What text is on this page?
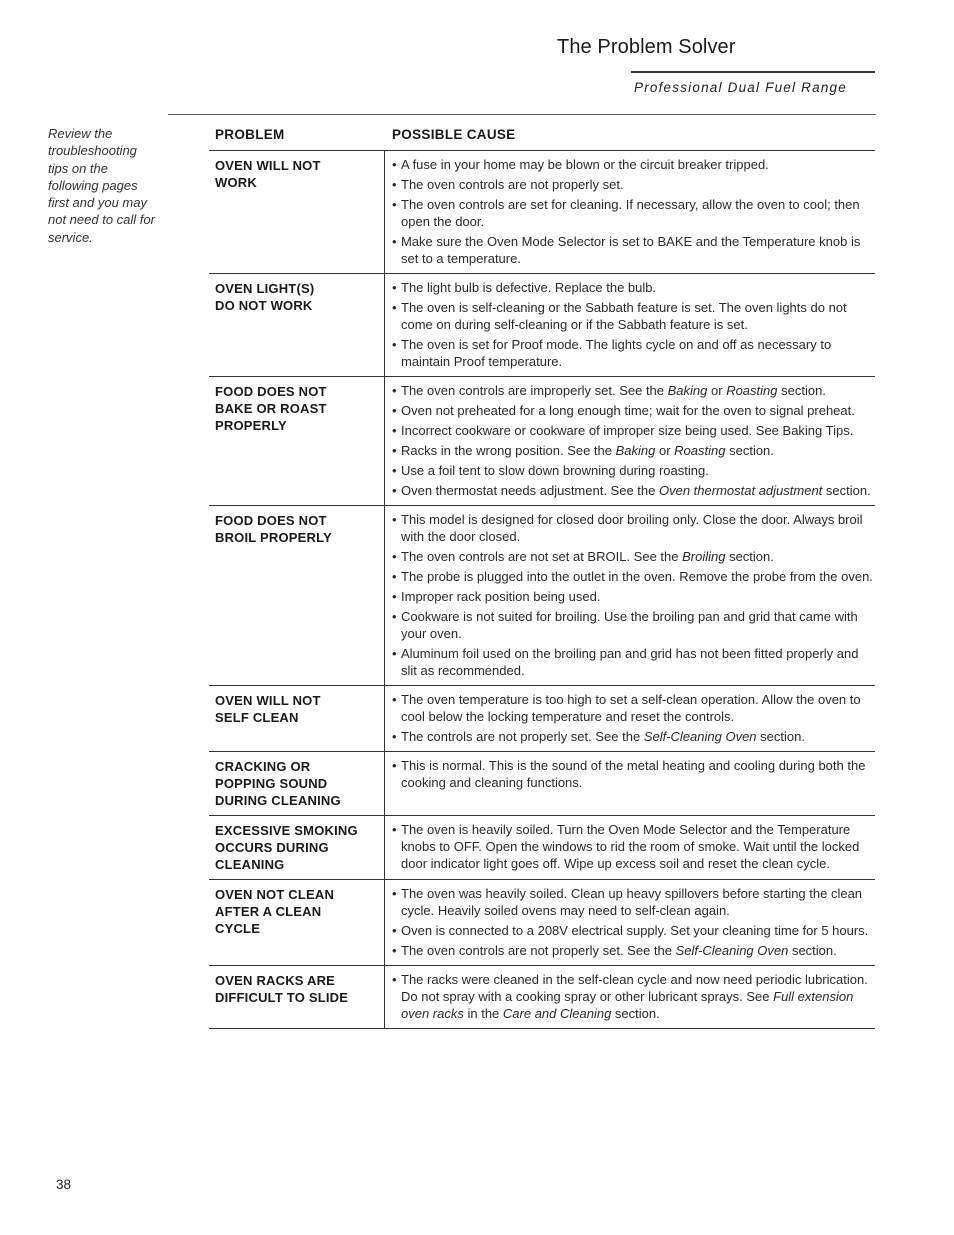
The Problem Solver
Professional Dual Fuel Range
Review the troubleshooting tips on the following pages first and you may not need to call for service.
PROBLEM	POSSIBLE CAUSE
OVEN WILL NOT
WORK
• A fuse in your home may be blown or the circuit breaker tripped.
• The oven controls are not properly set.
• The oven controls are set for cleaning. If necessary, allow the oven to cool; then open the door.
• Make sure the Oven Mode Selector is set to BAKE and the Temperature knob is set to a temperature.
OVEN LIGHT(S)
DO NOT WORK
• The light bulb is defective. Replace the bulb.
• The oven is self-cleaning or the Sabbath feature is set. The oven lights do not come on during self-cleaning or if the Sabbath feature is set.
• The oven is set for Proof mode. The lights cycle on and off as necessary to maintain Proof temperature.
FOOD DOES NOT
BAKE OR ROAST
PROPERLY
• The oven controls are improperly set. See the Baking or Roasting section.
• Oven not preheated for a long enough time; wait for the oven to signal preheat.
• Incorrect cookware or cookware of improper size being used. See Baking Tips.
• Racks in the wrong position. See the Baking or Roasting section.
• Use a foil tent to slow down browning during roasting.
• Oven thermostat needs adjustment. See the Oven thermostat adjustment section.
FOOD DOES NOT
BROIL PROPERLY
• This model is designed for closed door broiling only. Close the door. Always broil with the door closed.
• The oven controls are not set at BROIL. See the Broiling section.
• The probe is plugged into the outlet in the oven. Remove the probe from the oven.
• Improper rack position being used.
• Cookware is not suited for broiling. Use the broiling pan and grid that came with your oven.
• Aluminum foil used on the broiling pan and grid has not been fitted properly and slit as recommended.
OVEN WILL NOT
SELF CLEAN
• The oven temperature is too high to set a self-clean operation. Allow the oven to cool below the locking temperature and reset the controls.
• The controls are not properly set. See the Self-Cleaning Oven section.
CRACKING OR
POPPING SOUND
DURING CLEANING
• This is normal. This is the sound of the metal heating and cooling during both the cooking and cleaning functions.
EXCESSIVE SMOKING
OCCURS DURING
CLEANING
• The oven is heavily soiled. Turn the Oven Mode Selector and the Temperature knobs to OFF. Open the windows to rid the room of smoke. Wait until the locked door indicator light goes off. Wipe up excess soil and reset the clean cycle.
OVEN NOT CLEAN
AFTER A CLEAN
CYCLE
• The oven was heavily soiled. Clean up heavy spillovers before starting the clean cycle. Heavily soiled ovens may need to self-clean again.
• Oven is connected to a 208V electrical supply. Set your cleaning time for 5 hours.
• The oven controls are not properly set. See the Self-Cleaning Oven section.
OVEN RACKS ARE
DIFFICULT TO SLIDE
• The racks were cleaned in the self-clean cycle and now need periodic lubrication. Do not spray with a cooking spray or other lubricant sprays. See Full extension oven racks in the Care and Cleaning section.
38
